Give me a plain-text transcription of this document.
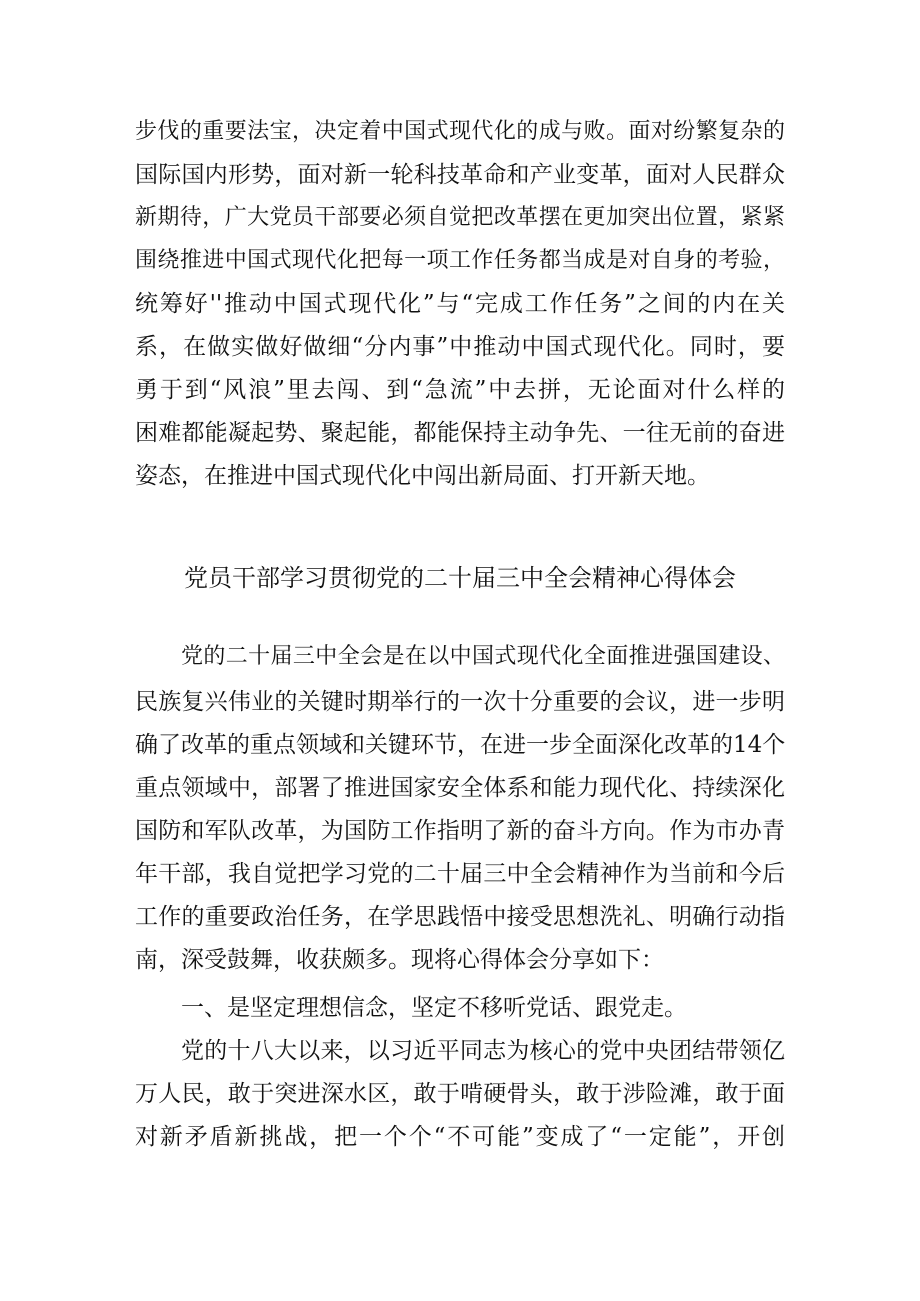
步伐的重要法宝，决定着中国式现代化的成与败。面对纷繁复杂的
国际国内形势，面对新一轮科技革命和产业变革，面对人民群众
新期待，广大党员干部要必须自觉把改革摆在更加突出位置，紧紧
围绕推进中国式现代化把每一项工作任务都当成是对自身的考验，
统筹好''推动中国式现代化”与“完成工作任务”之间的内在关
系，在做实做好做细“分内事”中推动中国式现代化。同时，要
勇于到“风浪”里去闯、到“急流”中去拼，无论面对什么样的
困难都能凝起势、聚起能，都能保持主动争先、一往无前的奋进
姿态，在推进中国式现代化中闯出新局面、打开新天地。
党员干部学习贯彻党的二十届三中全会精神心得体会
党的二十届三中全会是在以中国式现代化全面推进强国建设、
民族复兴伟业的关键时期举行的一次十分重要的会议，进一步明
确了改革的重点领域和关键环节，在进一步全面深化改革的14个
重点领域中，部署了推进国家安全体系和能力现代化、持续深化
国防和军队改革，为国防工作指明了新的奋斗方向。作为市办青
年干部，我自觉把学习党的二十届三中全会精神作为当前和今后
工作的重要政治任务，在学思践悟中接受思想洗礼、明确行动指
南，深受鼓舞，收获颇多。现将心得体会分享如下：
一、是坚定理想信念，坚定不移听党话、跟党走。
党的十八大以来，以习近平同志为核心的党中央团结带领亿
万人民，敢于突进深水区，敢于啃硬骨头，敢于涉险滩，敢于面
对新矛盾新挑战，把一个个“不可能”变成了“一定能”，开创
